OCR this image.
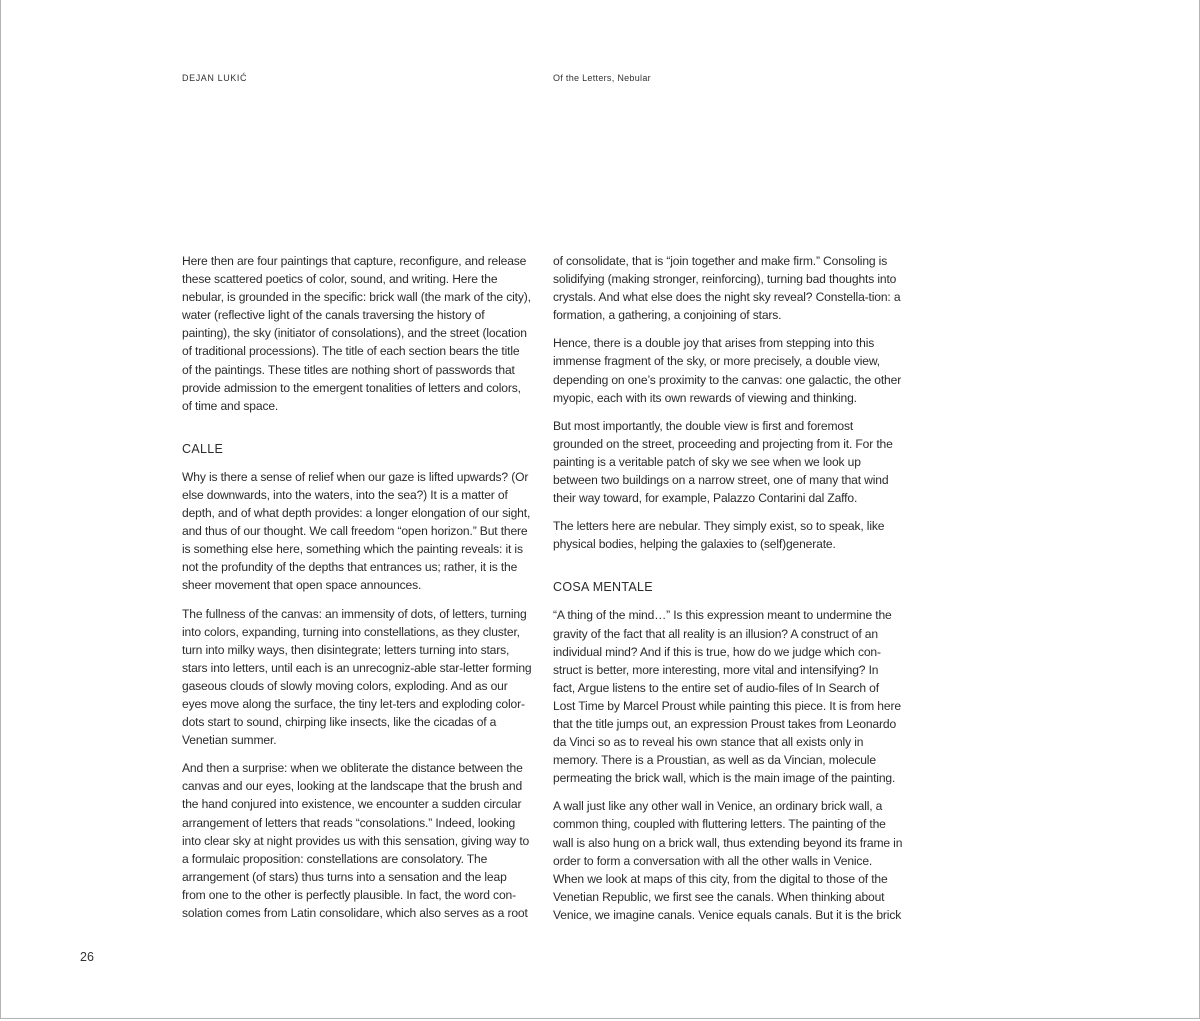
DEJAN LUKIĆ	Of the Letters, Nebular

Here then are four paintings that capture, reconfigure, and release these scattered poetics of color, sound, and writing. Here the nebular, is grounded in the specific: brick wall (the mark of the city), water (reflective light of the canals traversing the history of painting), the sky (initiator of consolations), and the street (location of traditional processions). The title of each section bears the title of the paintings. These titles are nothing short of passwords that provide admission to the emergent tonalities of letters and colors, of time and space.

CALLE

Why is there a sense of relief when our gaze is lifted upwards? (Or else downwards, into the waters, into the sea?) It is a matter of depth, and of what depth provides: a longer elongation of our sight, and thus of our thought. We call freedom “open horizon.” But there is something else here, something which the painting reveals: it is not the profundity of the depths that entrances us; rather, it is the sheer movement that open space announces.

The fullness of the canvas: an immensity of dots, of letters, turning into colors, expanding, turning into constellations, as they cluster, turn into milky ways, then disintegrate; letters turning into stars, stars into letters, until each is an unrecogniz-able star-letter forming gaseous clouds of slowly moving colors, exploding. And as our eyes move along the surface, the tiny let-ters and exploding color-dots start to sound, chirping like insects, like the cicadas of a Venetian summer.

And then a surprise: when we obliterate the distance between the canvas and our eyes, looking at the landscape that the brush and the hand conjured into existence, we encounter a sudden circular arrangement of letters that reads “consolations.” Indeed, looking into clear sky at night provides us with this sensation, giving way to a formulaic proposition: constellations are consolatory. The arrangement (of stars) thus turns into a sensation and the leap from one to the other is perfectly plausible. In fact, the word con-solation comes from Latin consolidare, which also serves as a root

of consolidate, that is “join together and make firm.” Consoling is solidifying (making stronger, reinforcing), turning bad thoughts into crystals. And what else does the night sky reveal? Constella-tion: a formation, a gathering, a conjoining of stars.

Hence, there is a double joy that arises from stepping into this immense fragment of the sky, or more precisely, a double view, depending on one’s proximity to the canvas: one galactic, the other myopic, each with its own rewards of viewing and thinking.

But most importantly, the double view is first and foremost grounded on the street, proceeding and projecting from it. For the painting is a veritable patch of sky we see when we look up between two buildings on a narrow street, one of many that wind their way toward, for example, Palazzo Contarini dal Zaffo.

The letters here are nebular. They simply exist, so to speak, like physical bodies, helping the galaxies to (self)generate.

COSA MENTALE

“A thing of the mind…” Is this expression meant to undermine the gravity of the fact that all reality is an illusion? A construct of an individual mind? And if this is true, how do we judge which con-struct is better, more interesting, more vital and intensifying? In fact, Argue listens to the entire set of audio-files of In Search of Lost Time by Marcel Proust while painting this piece. It is from here that the title jumps out, an expression Proust takes from Leonardo da Vinci so as to reveal his own stance that all exists only in memory. There is a Proustian, as well as da Vincian, molecule permeating the brick wall, which is the main image of the painting.

A wall just like any other wall in Venice, an ordinary brick wall, a common thing, coupled with fluttering letters. The painting of the wall is also hung on a brick wall, thus extending beyond its frame in order to form a conversation with all the other walls in Venice. When we look at maps of this city, from the digital to those of the Venetian Republic, we first see the canals. When thinking about Venice, we imagine canals. Venice equals canals. But it is the brick

26
